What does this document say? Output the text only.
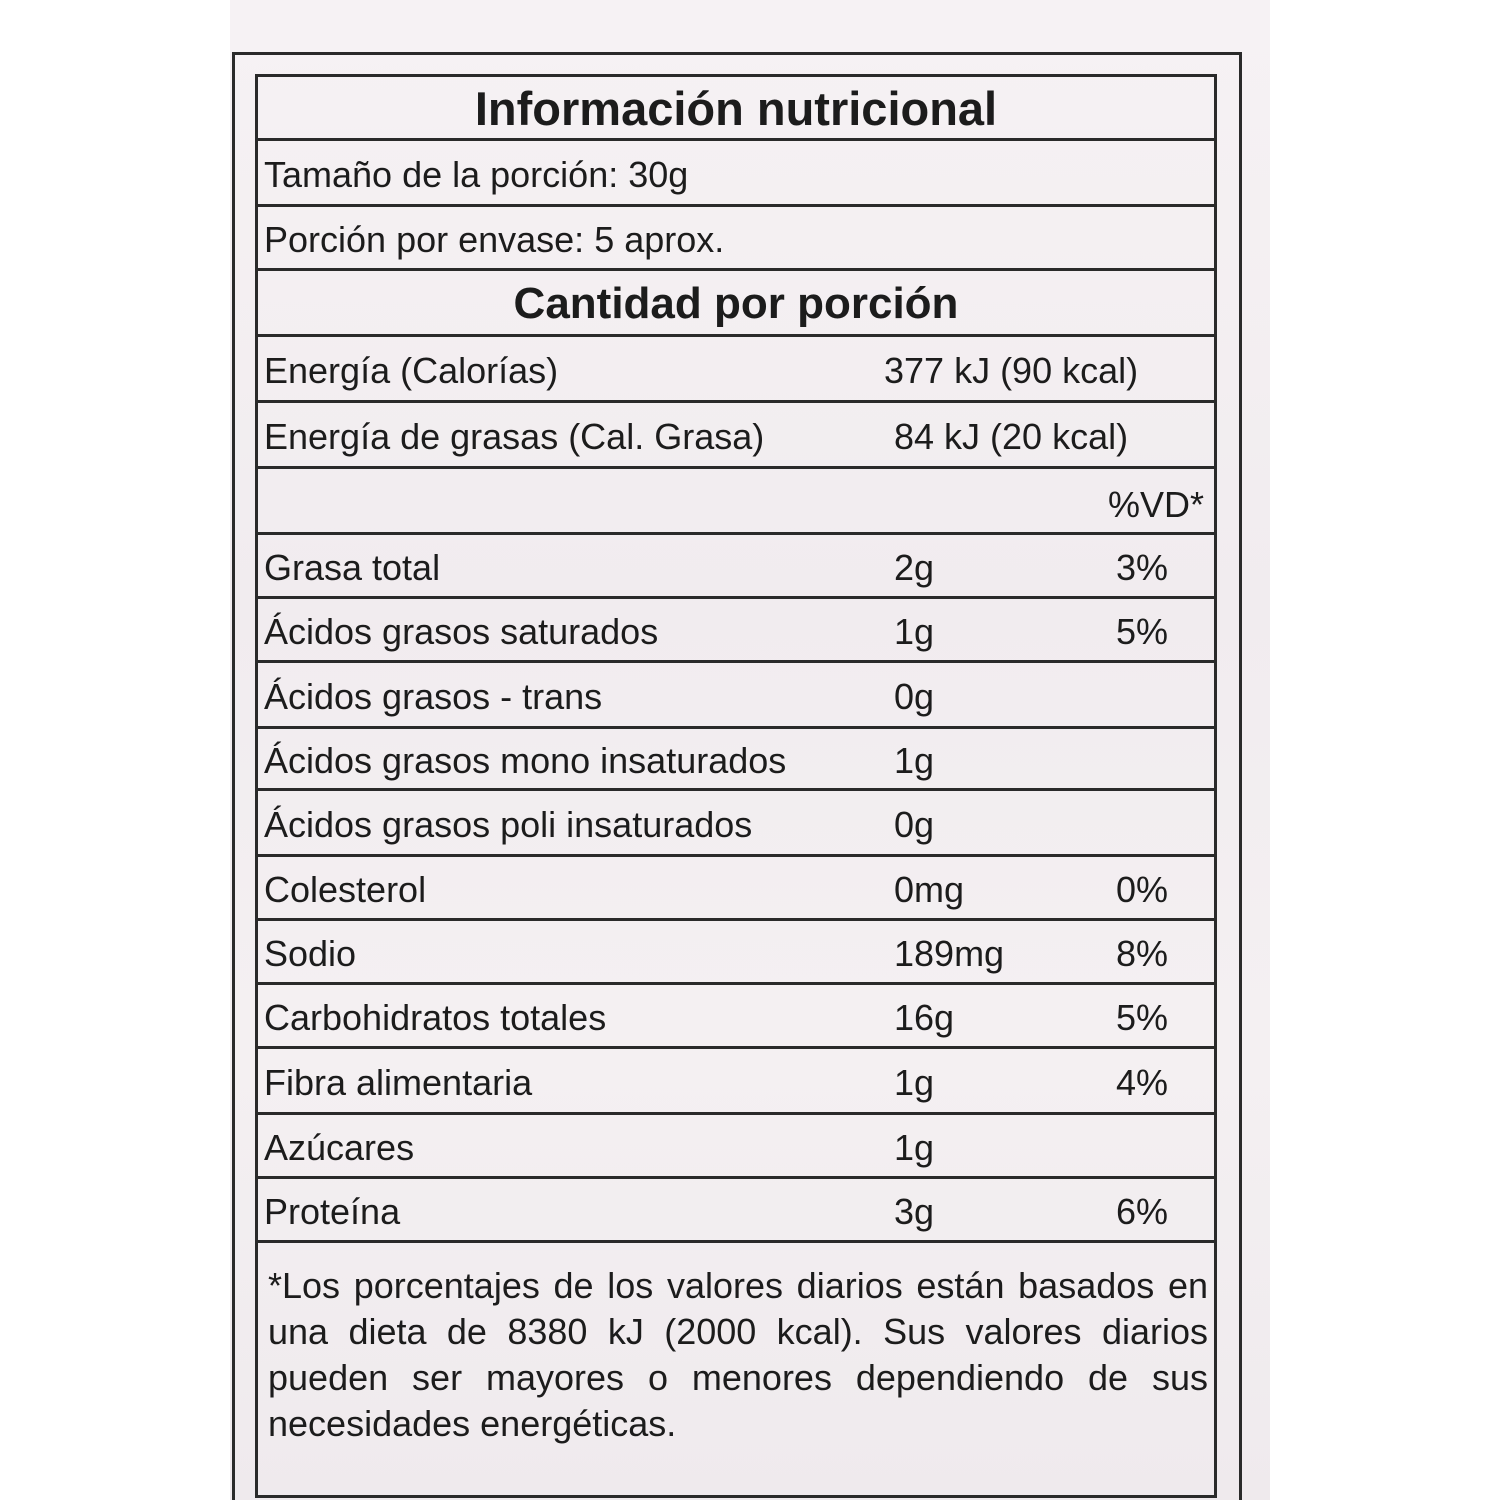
Información nutricional
Tamaño de la porción: 30g
Porción por envase: 5 aprox.
Cantidad por porción
Energía (Calorías)	377 kJ (90 kcal)
Energía de grasas (Cal. Grasa)	84 kJ (20 kcal)
%VD*
Grasa total	2g	3%
Ácidos grasos saturados	1g	5%
Ácidos grasos - trans	0g
Ácidos grasos mono insaturados	1g
Ácidos grasos poli insaturados	0g
Colesterol	0mg	0%
Sodio	189mg	8%
Carbohidratos totales	16g	5%
Fibra alimentaria	1g	4%
Azúcares	1g
Proteína	3g	6%
*Los porcentajes de los valores diarios están basados en una dieta de 8380 kJ (2000 kcal). Sus valores diarios pueden ser mayores o menores dependiendo de sus necesidades energéticas.
